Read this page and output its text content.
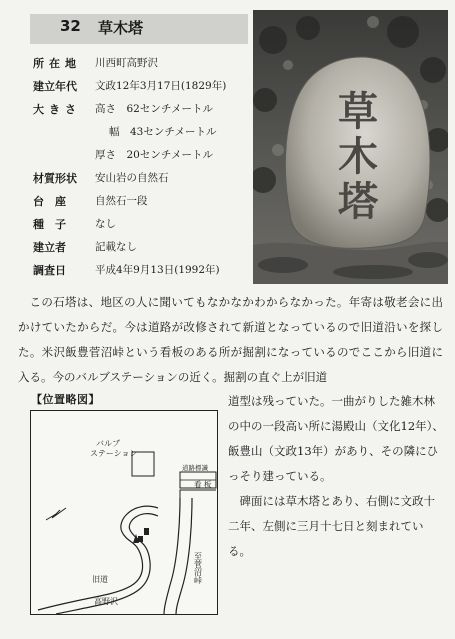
32 草木塔
所在地	川西町高野沢
建立年代	文政12年3月17日(1829年)
大きさ	高さ　62センチメートル
幅　43センチメートル
厚さ　20センチメートル
材質形状	安山岩の自然石
台　座	自然石一段
種　子	なし
建立者	記載なし
調査日	平成4年9月13日(1992年)
草
木
塔

この石塔は、地区の人に聞いてもなかなかわからなかった。年寄は敬老会に出かけていたからだ。今は道路が改修されて新道となっているので旧道沿いを探した。米沢飯豊菅沼峠という看板のある所が掘割になっているのでここから旧道に入る。今のバルブステーションの近く。掘割の直ぐ上が旧道

【位置略図】
バルブ
ステーション
道路標識
看 板
旧道
高野沢
至菅沼峠

道型は残っていた。一曲がりした雑木林の中の一段高い所に湯殿山（文化12年）、飯豊山（文政13年）があり、その隣にひっそり建っている。

碑面には草木塔とあり、右側に文政十二年、左側に三月十七日と刻まれている。
